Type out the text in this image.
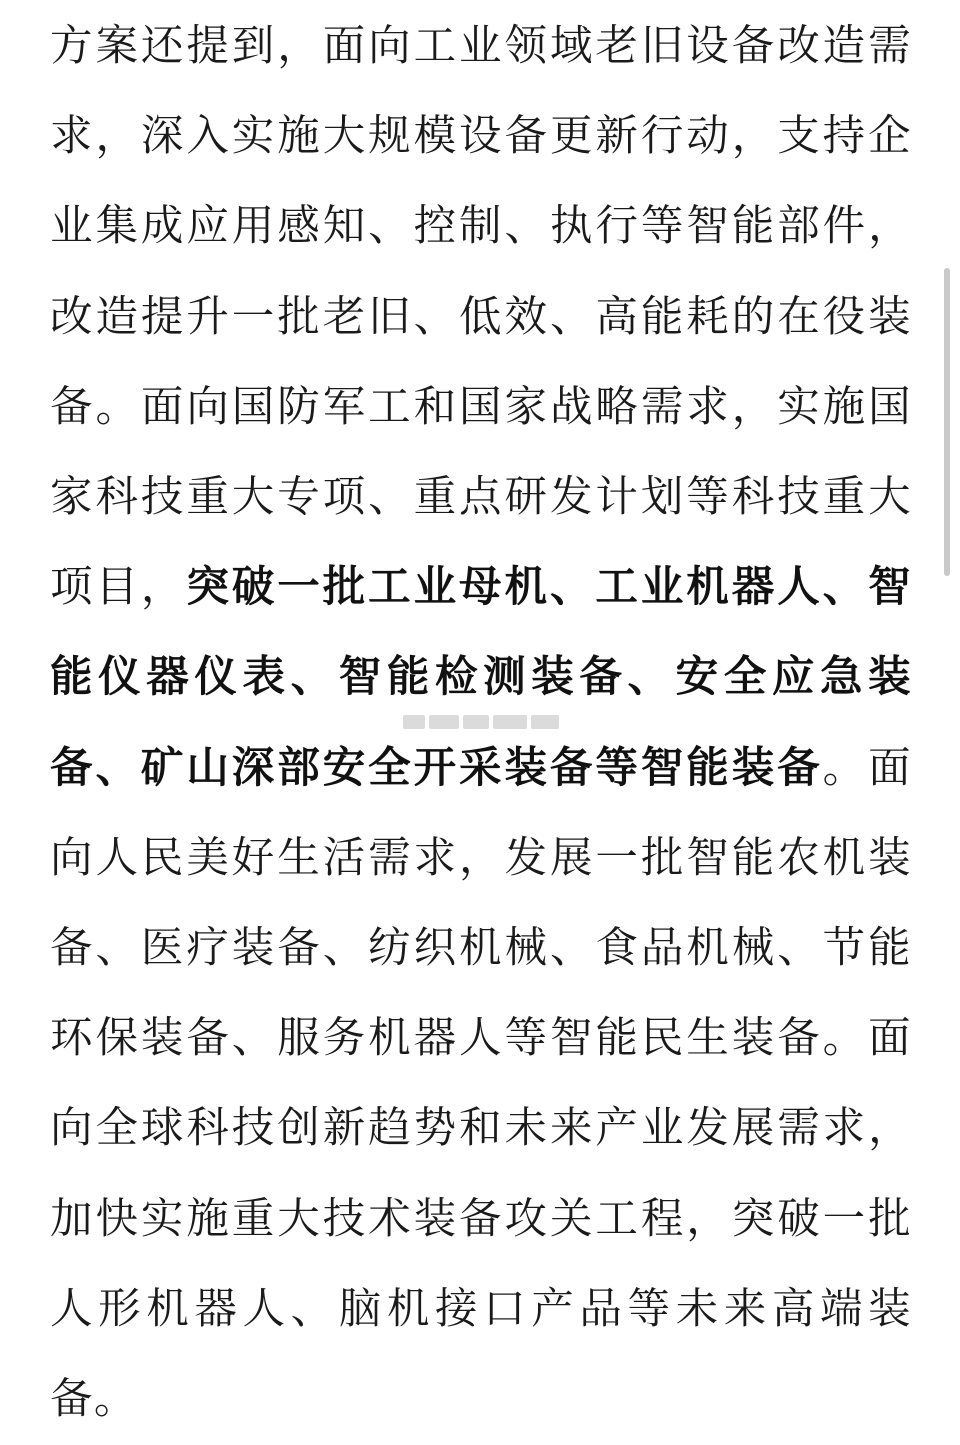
方案还提到，面向工业领域老旧设备改造需求，深入实施大规模设备更新行动，支持企业集成应用感知、控制、执行等智能部件，改造提升一批老旧、低效、高能耗的在役装备。面向国防军工和国家战略需求，实施国家科技重大专项、重点研发计划等科技重大项目，突破一批工业母机、工业机器人、智能仪器仪表、智能检测装备、安全应急装备、矿山深部安全开采装备等智能装备。面向人民美好生活需求，发展一批智能农机装备、医疗装备、纺织机械、食品机械、节能环保装备、服务机器人等智能民生装备。面向全球科技创新趋势和未来产业发展需求，加快实施重大技术装备攻关工程，突破一批人形机器人、脑机接口产品等未来高端装备。
